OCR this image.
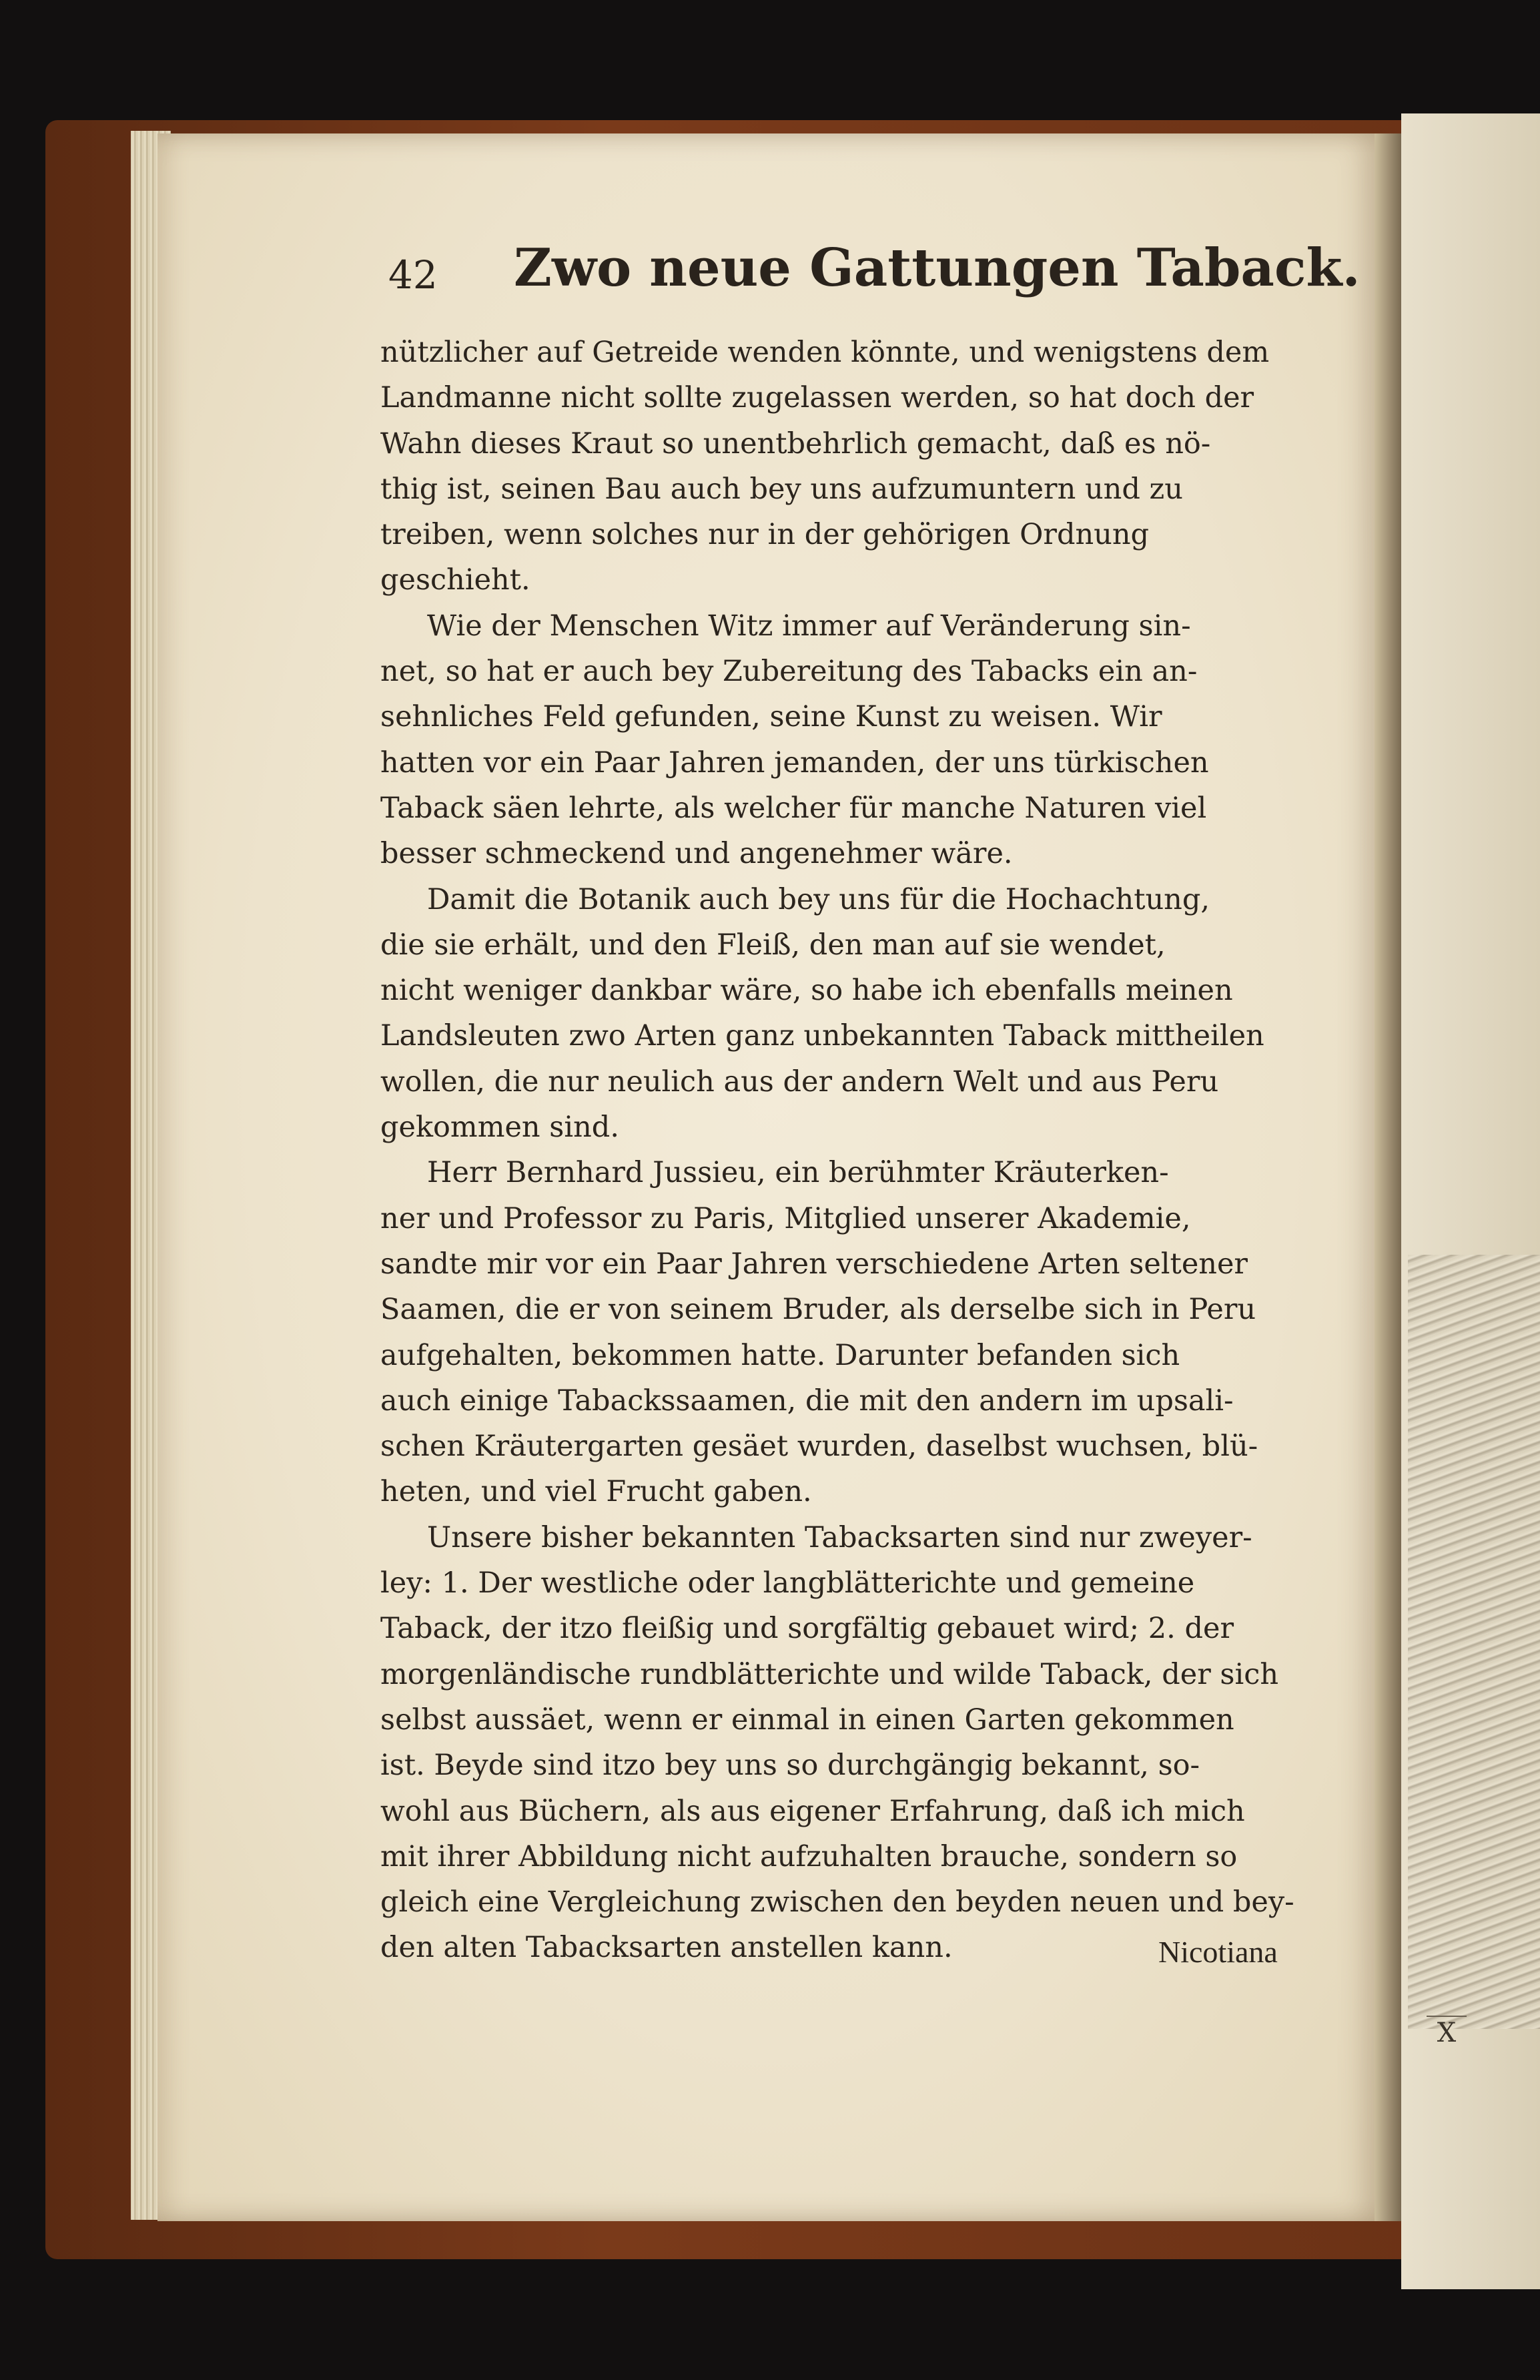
X
42 Zwo neue Gattungen Taback.
nützlicher auf Getreide wenden könnte, und wenigstens dem
Landmanne nicht sollte zugelassen werden, so hat doch der
Wahn dieses Kraut so unentbehrlich gemacht, daß es nö-
thig ist, seinen Bau auch bey uns aufzumuntern und zu
treiben, wenn solches nur in der gehörigen Ordnung
geschieht.
Wie der Menschen Witz immer auf Veränderung sin-
net, so hat er auch bey Zubereitung des Tabacks ein an-
sehnliches Feld gefunden, seine Kunst zu weisen. Wir
hatten vor ein Paar Jahren jemanden, der uns türkischen
Taback säen lehrte, als welcher für manche Naturen viel
besser schmeckend und angenehmer wäre.
Damit die Botanik auch bey uns für die Hochachtung,
die sie erhält, und den Fleiß, den man auf sie wendet,
nicht weniger dankbar wäre, so habe ich ebenfalls meinen
Landsleuten zwo Arten ganz unbekannten Taback mittheilen
wollen, die nur neulich aus der andern Welt und aus Peru
gekommen sind.
Herr Bernhard Jussieu, ein berühmter Kräuterken-
ner und Professor zu Paris, Mitglied unserer Akademie,
sandte mir vor ein Paar Jahren verschiedene Arten seltener
Saamen, die er von seinem Bruder, als derselbe sich in Peru
aufgehalten, bekommen hatte. Darunter befanden sich
auch einige Tabackssaamen, die mit den andern im upsali-
schen Kräutergarten gesäet wurden, daselbst wuchsen, blü-
heten, und viel Frucht gaben.
Unsere bisher bekannten Tabacksarten sind nur zweyer-
ley: 1. Der westliche oder langblätterichte und gemeine
Taback, der itzo fleißig und sorgfältig gebauet wird; 2. der
morgenländische rundblätterichte und wilde Taback, der sich
selbst aussäet, wenn er einmal in einen Garten gekommen
ist. Beyde sind itzo bey uns so durchgängig bekannt, so-
wohl aus Büchern, als aus eigener Erfahrung, daß ich mich
mit ihrer Abbildung nicht aufzuhalten brauche, sondern so
gleich eine Vergleichung zwischen den beyden neuen und bey-
den alten Tabacksarten anstellen kann.	Nicotiana
